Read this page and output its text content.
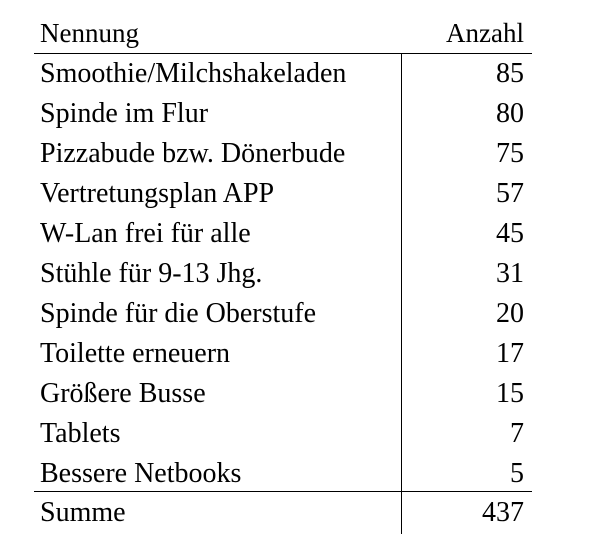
Nennung	Anzahl
Smoothie/Milchshakeladen	85
Spinde im Flur	80
Pizzabude bzw. Dönerbude	75
Vertretungsplan APP	57
W-Lan frei für alle	45
Stühle für 9-13 Jhg.	31
Spinde für die Oberstufe	20
Toilette erneuern	17
Größere Busse	15
Tablets	7
Bessere Netbooks	5
Summe	437
